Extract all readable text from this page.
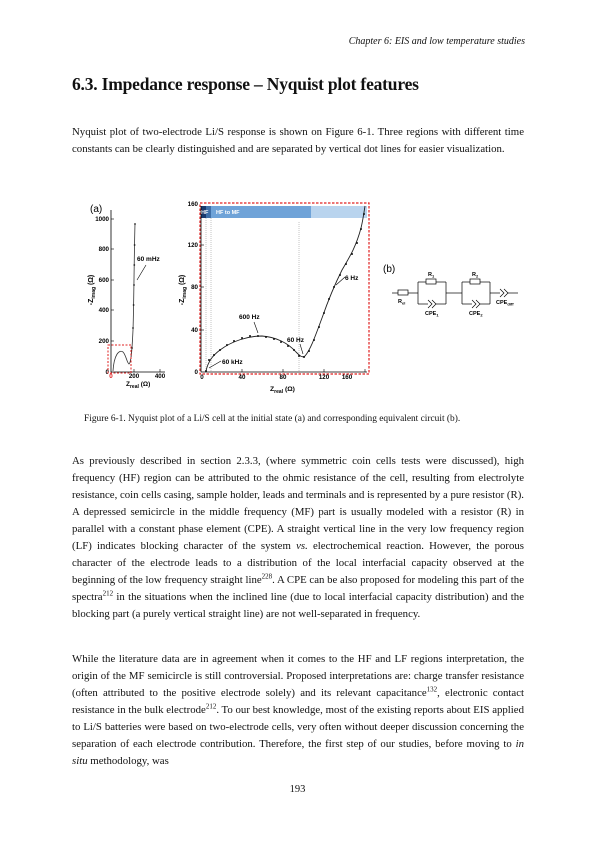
Chapter 6: EIS and low temperature studies
6.3. Impedance response – Nyquist plot features

Nyquist plot of two-electrode Li/S response is shown on Figure 6-1. Three regions with different time constants can be clearly distinguished and are separated by vertical dot lines for easier visualization.

(a)
1000
800
600
400
200
0
0	200	400
$-Z_{imag}$ (Ω)
$Z_{real}$ (Ω)
60 mHz
HF HF to MF
MF	LF
160
120
80
40
0
0	40	80	120 160
$-Z_{imag}$ (Ω)
$Z_{real}$ (Ω)
600 Hz
60 kHz
60 Hz
6 Hz
(b)	$R_1$	$R_2$
$R_{el}$
$CPE_1$	$CPE_2$
$CPE_{diff}$
Figure 6-1. Nyquist plot of a Li/S cell at the initial state (a) and corresponding equivalent circuit (b).

As previously described in section 2.3.3, (where symmetric coin cells tests were discussed), high frequency (HF) region can be attributed to the ohmic resistance of the cell, resulting from electrolyte resistance, coin cells casing, sample holder, leads and terminals and is represented by a pure resistor (R). A depressed semicircle in the middle frequency (MF) part is usually modeled with a resistor (R) in parallel with a constant phase element (CPE). A straight vertical line in the very low frequency region (LF) indicates blocking character of the system vs. electrochemical reaction. However, the porous character of the electrode leads to a distribution of the local interfacial capacity observed at the beginning of the low frequency straight line$^{228}$. A CPE can be also proposed for modeling this part of the spectra$^{212}$ in the situations when the inclined line (due to local interfacial capacity distribution) and the blocking part (a purely vertical straight line) are not well-separated in frequency.

While the literature data are in agreement when it comes to the HF and LF regions interpretation, the origin of the MF semicircle is still controversial. Proposed interpretations are: charge transfer resistance (often attributed to the positive electrode solely) and its relevant capacitance$^{132}$, electronic contact resistance in the bulk electrode$^{212}$. To our best knowledge, most of the existing reports about EIS applied to Li/S batteries were based on two-electrode cells, very often without deeper discussion concerning the separation of each electrode contribution. Therefore, the first step of our studies, before moving to in situ methodology, was

193
